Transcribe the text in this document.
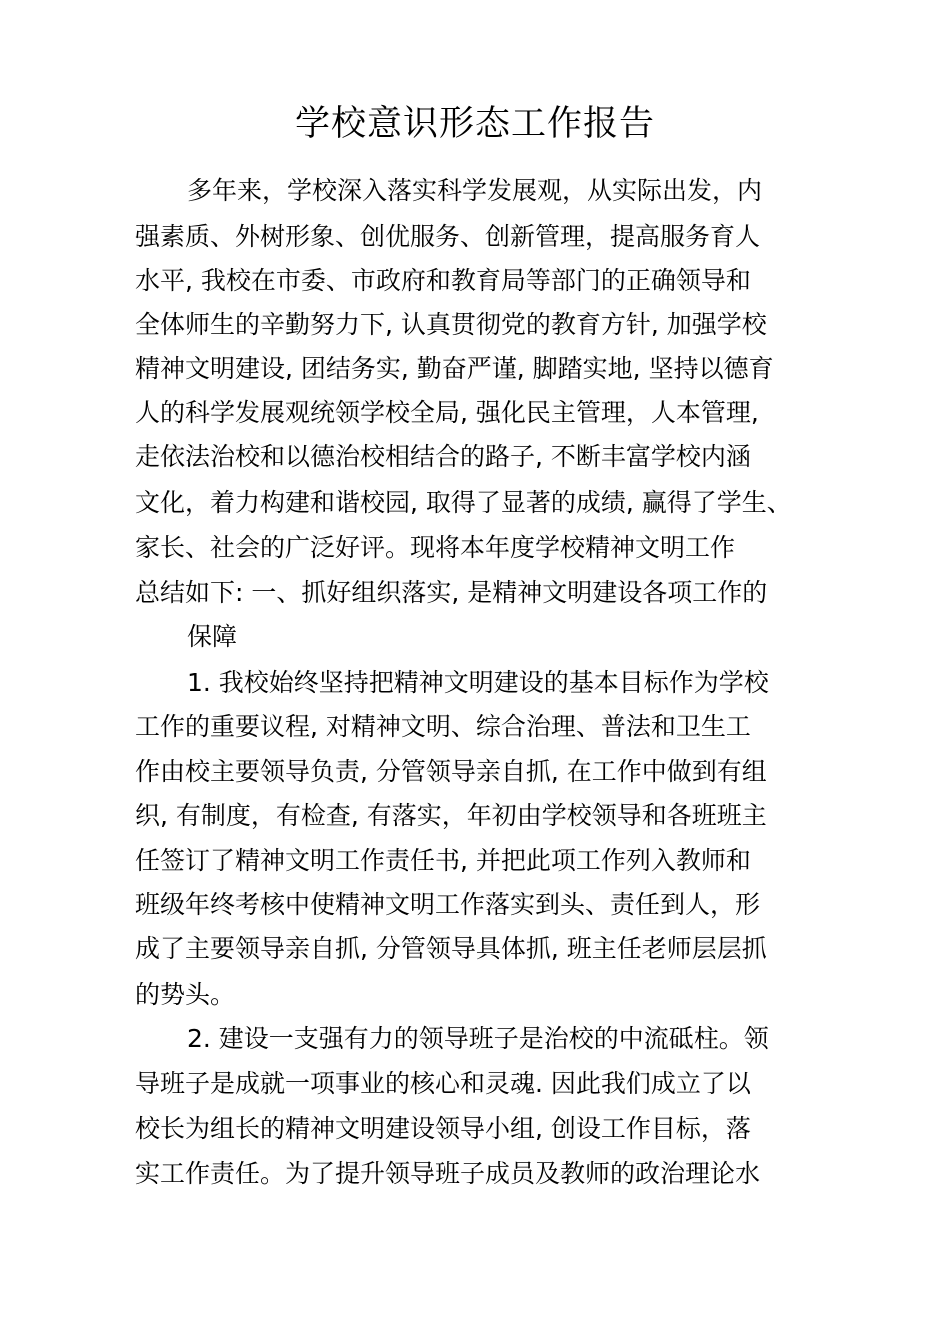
学校意识形态工作报告
多年来，学校深入落实科学发展观，从实际出发，内
强素质、外树形象、创优服务、创新管理，提高服务育人
水平, 我校在市委、市政府和教育局等部门的正确领导和
全体师生的辛勤努力下, 认真贯彻党的教育方针, 加强学校
精神文明建设, 团结务实, 勤奋严谨, 脚踏实地, 坚持以德育
人的科学发展观统领学校全局, 强化民主管理，人本管理,
走依法治校和以德治校相结合的路子, 不断丰富学校内涵
文化，着力构建和谐校园, 取得了显著的成绩, 赢得了学生、
家长、社会的广泛好评。现将本年度学校精神文明工作
总结如下: 一、抓好组织落实, 是精神文明建设各项工作的
保障
1. 我校始终坚持把精神文明建设的基本目标作为学校
工作的重要议程, 对精神文明、综合治理、普法和卫生工
作由校主要领导负责, 分管领导亲自抓, 在工作中做到有组
织, 有制度，有检查, 有落实，年初由学校领导和各班班主
任签订了精神文明工作责任书, 并把此项工作列入教师和
班级年终考核中使精神文明工作落实到头、责任到人，形
成了主要领导亲自抓, 分管领导具体抓, 班主任老师层层抓
的势头。
2. 建设一支强有力的领导班子是治校的中流砥柱。领
导班子是成就一项事业的核心和灵魂. 因此我们成立了以
校长为组长的精神文明建设领导小组, 创设工作目标，落
实工作责任。为了提升领导班子成员及教师的政治理论水
